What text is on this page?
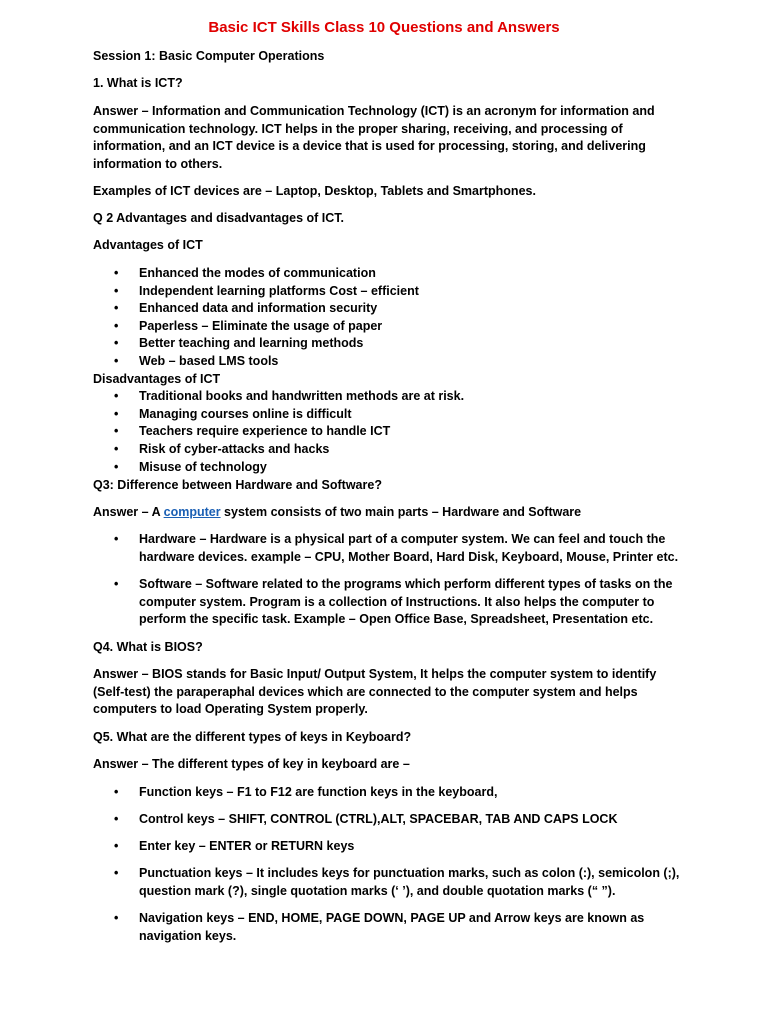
Basic ICT Skills Class 10 Questions and Answers
Session 1: Basic Computer Operations
1. What is ICT?
Answer – Information and Communication Technology (ICT) is an acronym for information and communication technology. ICT helps in the proper sharing, receiving, and processing of information, and an ICT device is a device that is used for processing, storing, and delivering information to others.
Examples of ICT devices are – Laptop, Desktop, Tablets and Smartphones.
Q 2 Advantages and disadvantages of ICT.
Advantages of ICT
• Enhanced the modes of communication
• Independent learning platforms Cost – efficient
• Enhanced data and information security
• Paperless – Eliminate the usage of paper
• Better teaching and learning methods
• Web – based LMS tools
Disadvantages of ICT
• Traditional books and handwritten methods are at risk.
• Managing courses online is difficult
• Teachers require experience to handle ICT
• Risk of cyber-attacks and hacks
• Misuse of technology
Q3: Difference between Hardware and Software?
Answer – A computer system consists of two main parts – Hardware and Software
• Hardware – Hardware is a physical part of a computer system. We can feel and touch the hardware devices. example – CPU, Mother Board, Hard Disk, Keyboard, Mouse, Printer etc.
• Software – Software related to the programs which perform different types of tasks on the computer system. Program is a collection of Instructions. It also helps the computer to perform the specific task. Example – Open Office Base, Spreadsheet, Presentation etc.
Q4. What is BIOS?
Answer – BIOS stands for Basic Input/ Output System, It helps the computer system to identify (Self-test) the paraperaphal devices which are connected to the computer system and helps computers to load Operating System properly.
Q5. What are the different types of keys in Keyboard?
Answer – The different types of key in keyboard are –
• Function keys – F1 to F12 are function keys in the keyboard,
• Control keys – SHIFT, CONTROL (CTRL),ALT, SPACEBAR, TAB AND CAPS LOCK
• Enter key – ENTER or RETURN keys
• Punctuation keys – It includes keys for punctuation marks, such as colon (:), semicolon (;), question mark (?), single quotation marks (‘ ’), and double quotation marks (“ ”).
• Navigation keys – END, HOME, PAGE DOWN, PAGE UP and Arrow keys are known as navigation keys.
